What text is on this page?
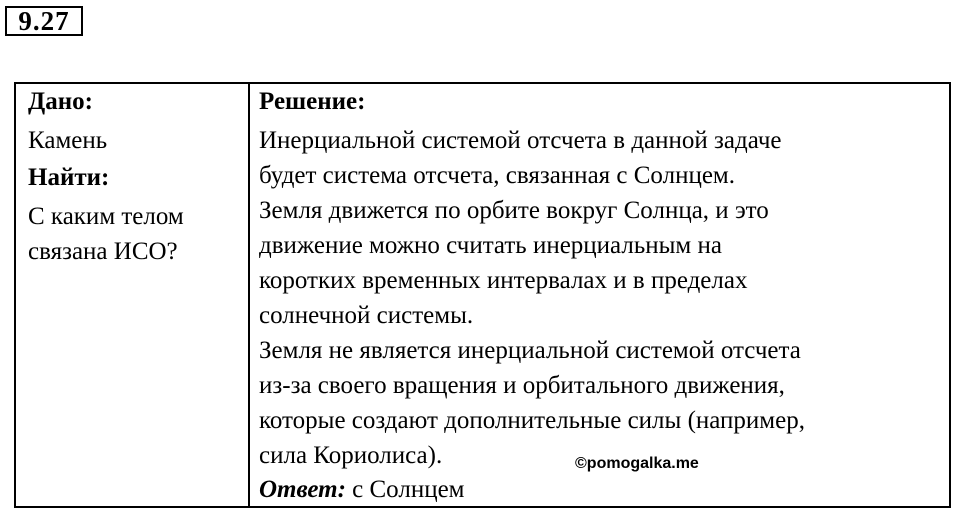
9.27
Дано:
Камень
Найти:
С каким телом связана ИСО?
Решение:
Инерциальной системой отсчета в данной задаче
будет система отсчета, связанная с Солнцем.
Земля движется по орбите вокруг Солнца, и это
движение можно считать инерциальным на
коротких временных интервалах и в пределах
солнечной системы.
Земля не является инерциальной системой отсчета
из-за своего вращения и орбитального движения,
которые создают дополнительные силы (например,
сила Кориолиса).
Ответ: с Солнцем
©pomogalka.me
